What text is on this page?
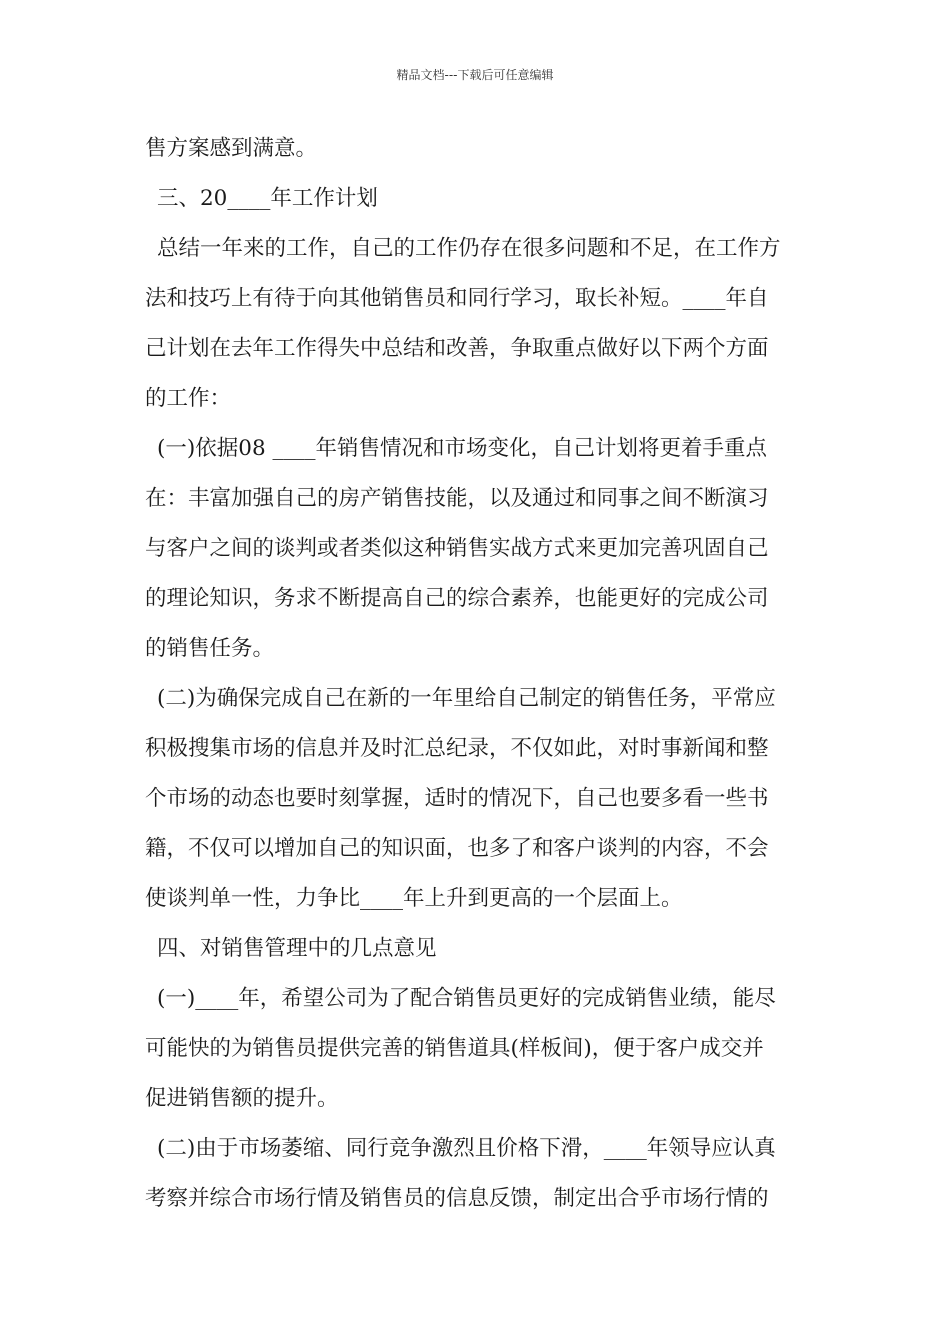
精品文档---下载后可任意编辑
售方案感到满意。
三、20____年工作计划
总结一年来的工作，自己的工作仍存在很多问题和不足，在工作方
法和技巧上有待于向其他销售员和同行学习，取长补短。____年自
己计划在去年工作得失中总结和改善，争取重点做好以下两个方面
的工作：
(一)依据08 ____年销售情况和市场变化，自己计划将更着手重点
在：丰富加强自己的房产销售技能，以及通过和同事之间不断演习
与客户之间的谈判或者类似这种销售实战方式来更加完善巩固自己
的理论知识，务求不断提高自己的综合素养，也能更好的完成公司
的销售任务。
(二)为确保完成自己在新的一年里给自己制定的销售任务，平常应
积极搜集市场的信息并及时汇总纪录，不仅如此，对时事新闻和整
个市场的动态也要时刻掌握，适时的情况下，自己也要多看一些书
籍，不仅可以增加自己的知识面，也多了和客户谈判的内容，不会
使谈判单一性，力争比____年上升到更高的一个层面上。
四、对销售管理中的几点意见
(一)____年，希望公司为了配合销售员更好的完成销售业绩，能尽
可能快的为销售员提供完善的销售道具(样板间)，便于客户成交并
促进销售额的提升。
(二)由于市场萎缩、同行竞争激烈且价格下滑，____年领导应认真
考察并综合市场行情及销售员的信息反馈，制定出合乎市场行情的
